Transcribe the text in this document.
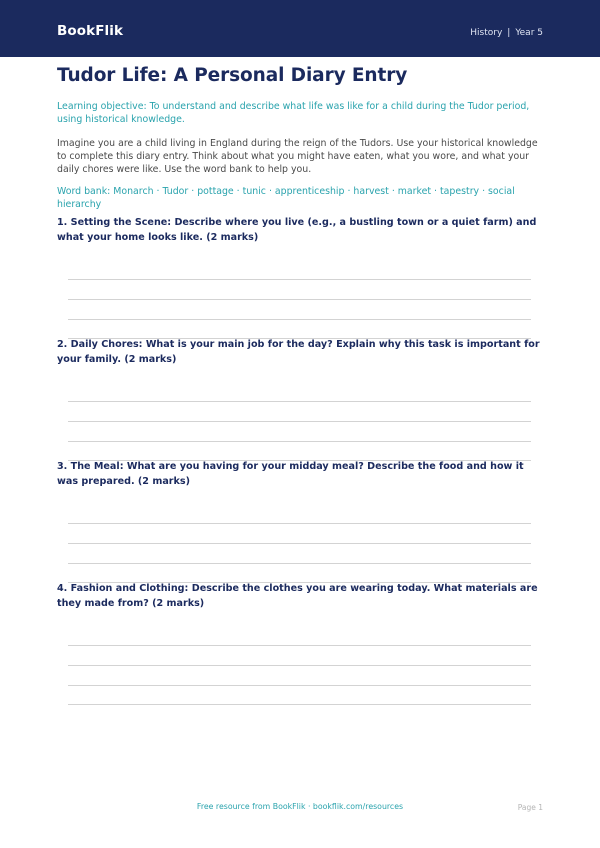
BookFlik	History | Year 5
Tudor Life: A Personal Diary Entry

Learning objective: To understand and describe what life was like for a child during the Tudor period, using historical knowledge.

Imagine you are a child living in England during the reign of the Tudors. Use your historical knowledge to complete this diary entry. Think about what you might have eaten, what you wore, and what your daily chores were like. Use the word bank to help you.

Word bank: Monarch · Tudor · pottage · tunic · apprenticeship · harvest · market · tapestry · social hierarchy

1. Setting the Scene: Describe where you live (e.g., a bustling town or a quiet farm) and what your home looks like. (2 marks)
2. Daily Chores: What is your main job for the day? Explain why this task is important for your family. (2 marks)
3. The Meal: What are you having for your midday meal? Describe the food and how it was prepared. (2 marks)
4. Fashion and Clothing: Describe the clothes you are wearing today. What materials are they made from? (2 marks)
Free resource from BookFlik · bookflik.com/resources	Page 1
